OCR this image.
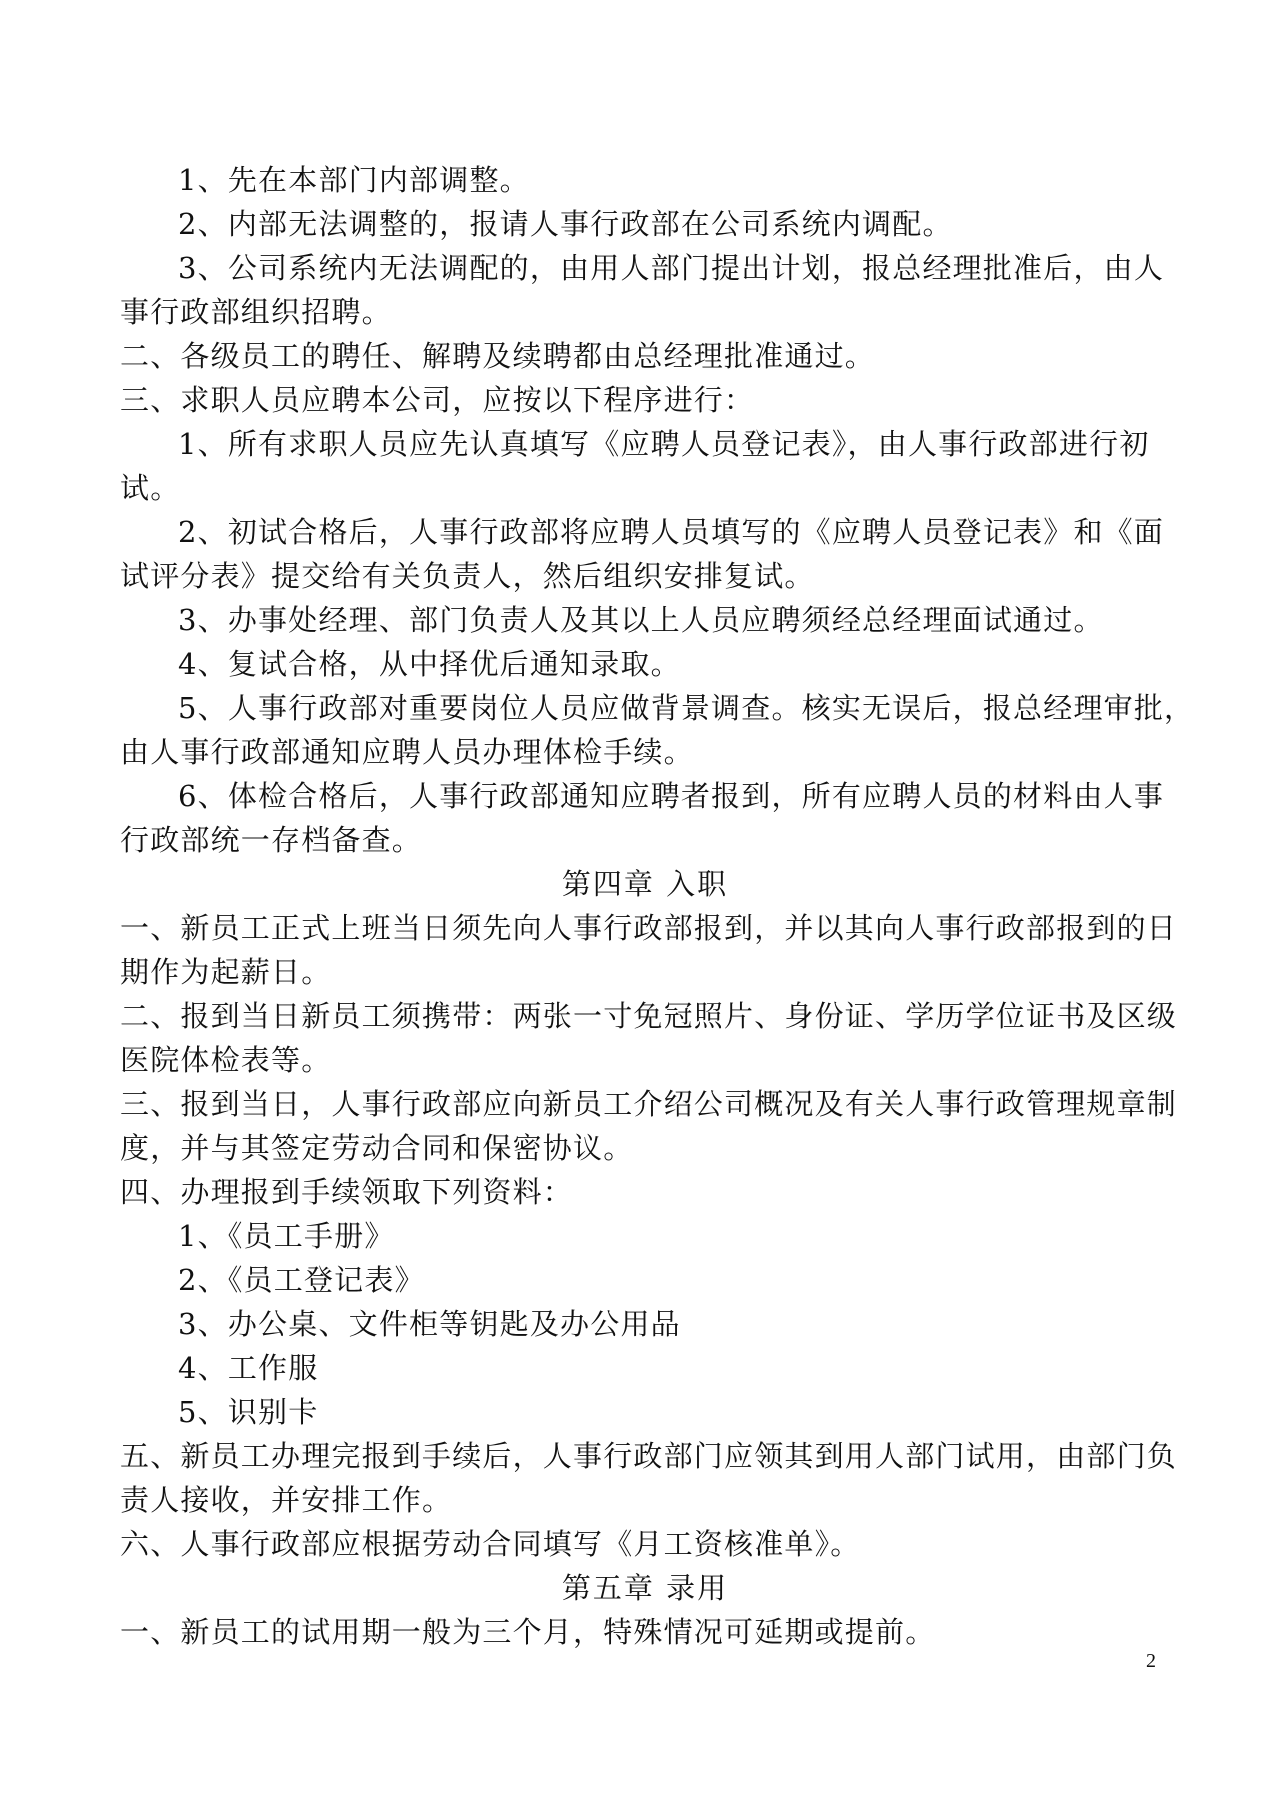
1、先在本部门内部调整。
2、内部无法调整的，报请人事行政部在公司系统内调配。
3、公司系统内无法调配的，由用人部门提出计划，报总经理批准后，由人
事行政部组织招聘。
二、各级员工的聘任、解聘及续聘都由总经理批准通过。
三、求职人员应聘本公司，应按以下程序进行：
1、所有求职人员应先认真填写《应聘人员登记表》，由人事行政部进行初
试。
2、初试合格后，人事行政部将应聘人员填写的《应聘人员登记表》和《面
试评分表》提交给有关负责人，然后组织安排复试。
3、办事处经理、部门负责人及其以上人员应聘须经总经理面试通过。
4、复试合格，从中择优后通知录取。
5、人事行政部对重要岗位人员应做背景调查。核实无误后，报总经理审批，
由人事行政部通知应聘人员办理体检手续。
6、体检合格后，人事行政部通知应聘者报到，所有应聘人员的材料由人事
行政部统一存档备查。
第四章 入职
一、新员工正式上班当日须先向人事行政部报到，并以其向人事行政部报到的日
期作为起薪日。
二、报到当日新员工须携带：两张一寸免冠照片、身份证、学历学位证书及区级
医院体检表等。
三、报到当日，人事行政部应向新员工介绍公司概况及有关人事行政管理规章制
度，并与其签定劳动合同和保密协议。
四、办理报到手续领取下列资料：
1、《员工手册》
2、《员工登记表》
3、办公桌、文件柜等钥匙及办公用品
4、工作服
5、识别卡
五、新员工办理完报到手续后，人事行政部门应领其到用人部门试用，由部门负
责人接收，并安排工作。
六、人事行政部应根据劳动合同填写《月工资核准单》。
第五章 录用
一、新员工的试用期一般为三个月，特殊情况可延期或提前。
2
